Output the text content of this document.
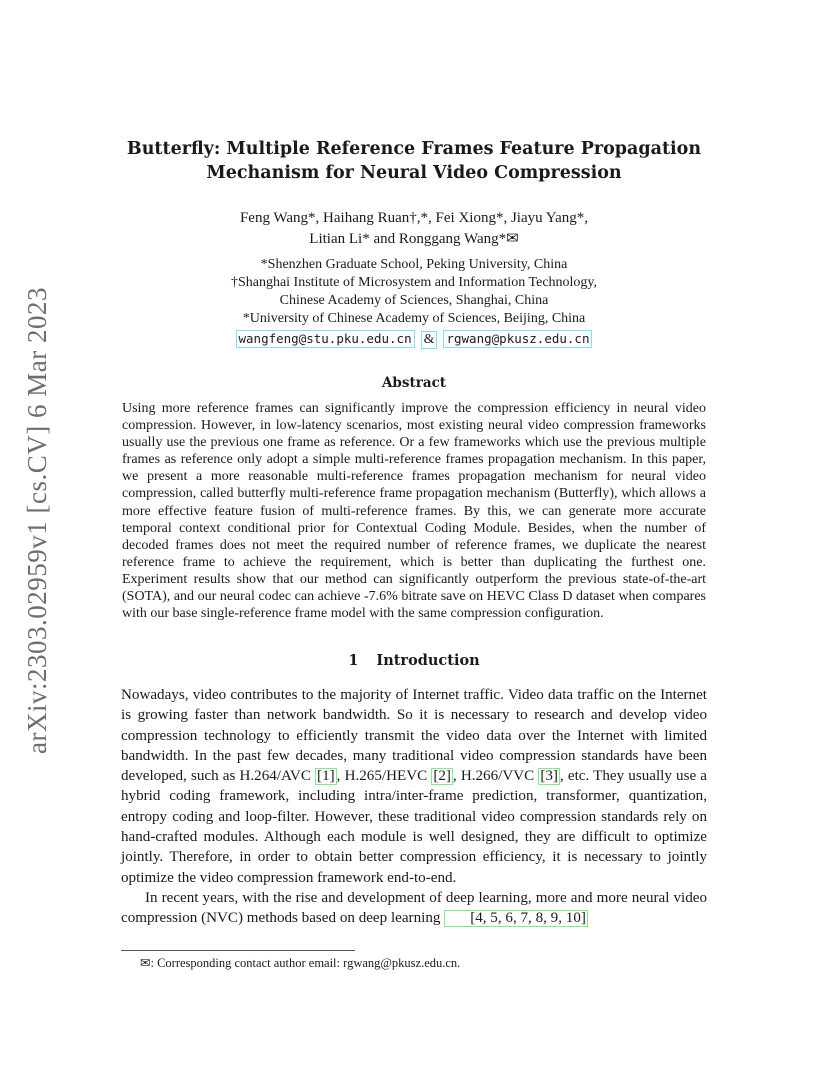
arXiv:2303.02959v1 [cs.CV] 6 Mar 2023
Butterfly: Multiple Reference Frames Feature Propagation
Mechanism for Neural Video Compression
Feng Wang*, Haihang Ruan†,*, Fei Xiong*, Jiayu Yang*,
Litian Li* and Ronggang Wang*✉
*Shenzhen Graduate School, Peking University, China
†Shanghai Institute of Microsystem and Information Technology,
Chinese Academy of Sciences, Shanghai, China
*University of Chinese Academy of Sciences, Beijing, China
wangfeng@stu.pku.edu.cn & rgwang@pkusz.edu.cn
Abstract

Using more reference frames can significantly improve the compression efficiency in neural video compression. However, in low-latency scenarios, most existing neural video compression frameworks usually use the previous one frame as reference. Or a few frameworks which use the previous multiple frames as reference only adopt a simple multi-reference frames propagation mechanism. In this paper, we present a more reasonable multi-reference frames propagation mechanism for neural video compression, called butterfly multi-reference frame propagation mechanism (Butterfly), which allows a more effective feature fusion of multi-reference frames. By this, we can generate more accurate temporal context conditional prior for Contextual Coding Module. Besides, when the number of decoded frames does not meet the required number of reference frames, we duplicate the nearest reference frame to achieve the requirement, which is better than duplicating the furthest one. Experiment results show that our method can significantly outperform the previous state-of-the-art (SOTA), and our neural codec can achieve -7.6% bitrate save on HEVC Class D dataset when compares with our base single-reference frame model with the same compression configuration.

1 Introduction

Nowadays, video contributes to the majority of Internet traffic. Video data traffic on the Internet is growing faster than network bandwidth. So it is necessary to research and develop video compression technology to efficiently transmit the video data over the Internet with limited bandwidth. In the past few decades, many traditional video compression standards have been developed, such as H.264/AVC [1] , H.265/HEVC [2] , H.266/VVC [3] , etc. They usually use a hybrid coding framework, including intra/inter-frame prediction, transformer, quantization, entropy coding and loop-filter. However, these traditional video compression standards rely on hand-crafted modules. Although each module is well designed, they are difficult to optimize jointly. Therefore, in order to obtain better compression efficiency, it is necessary to jointly optimize the video compression framework end-to-end.

In recent years, with the rise and development of deep learning, more and more neural video compression (NVC) methods based on deep learning [4, 5, 6, 7, 8, 9, 10]

✉: Corresponding contact author email: rgwang@pkusz.edu.cn.
